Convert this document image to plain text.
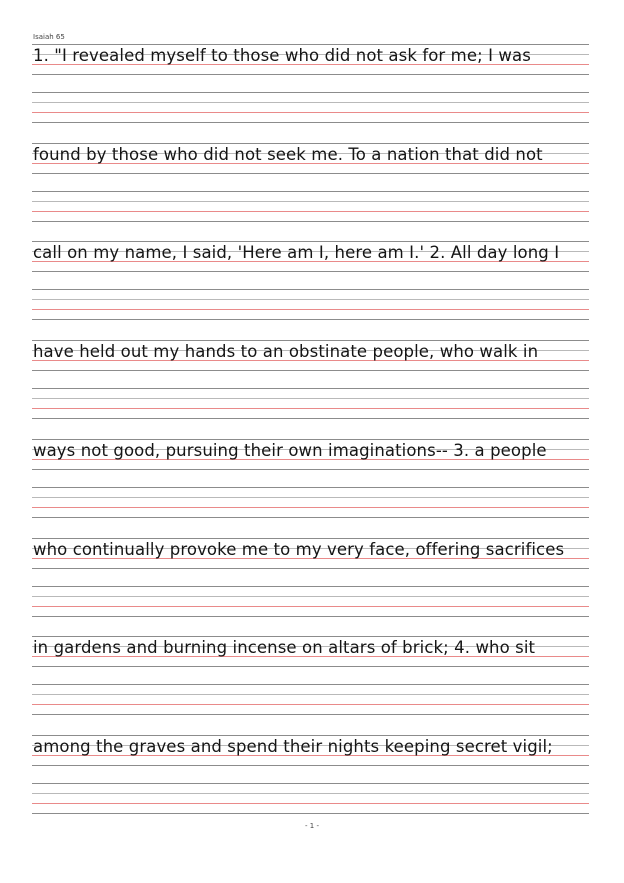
Isaiah 65
1. "I revealed myself to those who did not ask for me; I was
found by those who did not seek me. To a nation that did not
call on my name, I said, 'Here am I, here am I.' 2. All day long I
have held out my hands to an obstinate people, who walk in
ways not good, pursuing their own imaginations-- 3. a people
who continually provoke me to my very face, offering sacrifices
in gardens and burning incense on altars of brick; 4. who sit
among the graves and spend their nights keeping secret vigil;
- 1 -
